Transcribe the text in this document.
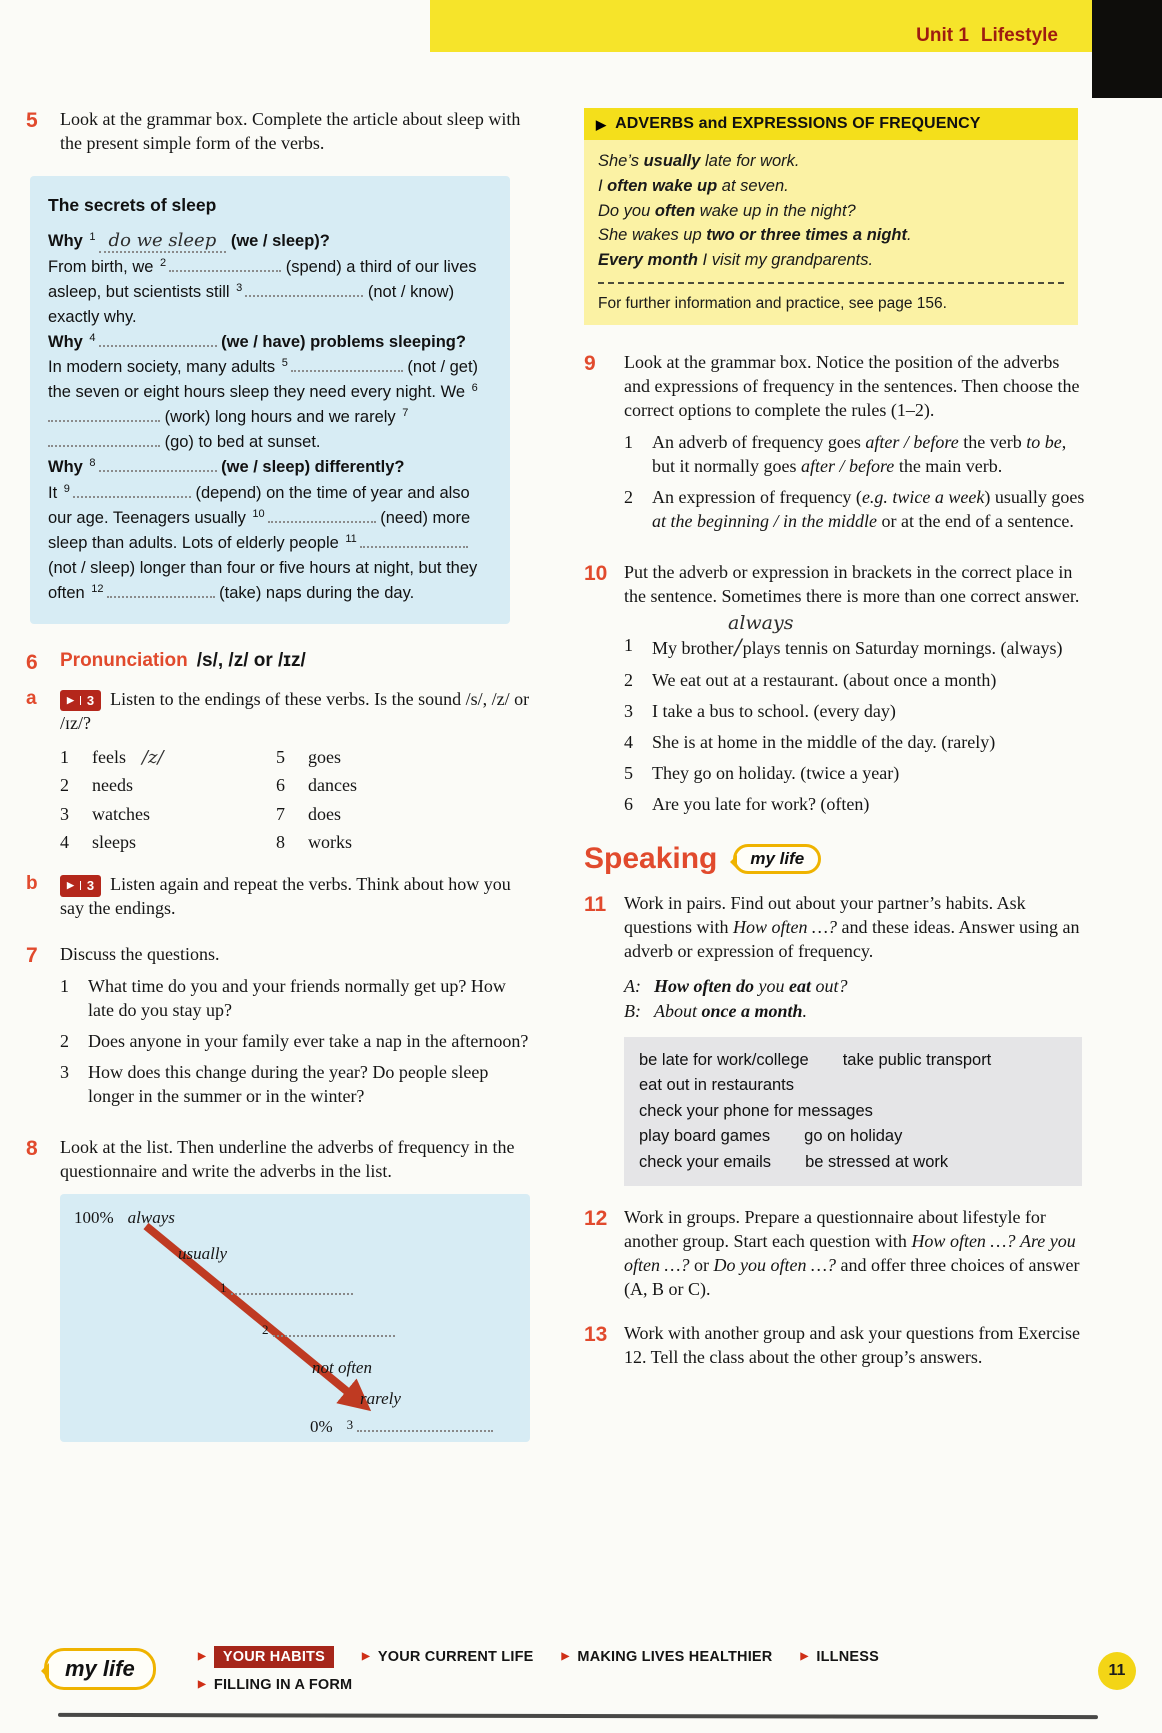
Unit 1 Lifestyle
5	Look at the grammar box. Complete the article about sleep with the present simple form of the verbs.
The secrets of sleep

Why $^1$ do we sleep (we / sleep)?

From birth, we $^2$	(spend) a third of our lives asleep, but scientists still $^3$	(not / know) exactly why.

Why $^4$	(we / have) problems sleeping?

In modern society, many adults $^5$	(not / get) the seven or eight hours sleep they need every night. We $^6$ (work) long hours and we rarely $^7$ (go) to bed at sunset.

Why $^8$	(we / sleep) differently?

It $^9$	(depend) on the time of year and also our age. Teenagers usually $^{10}$	(need) more sleep than adults. Lots of elderly people $^{11}$ (not / sleep) longer than four or five hours at night, but they often $^{12}$	(take) naps during the day.

6	Pronunciation /s/, /z/ or /ɪz/
a	▶	3 Listen to the endings of these verbs. Is the sound /s/, /z/ or /ɪz/?
1	feels /z/
2	needs
3	watches
4	sleeps
5	goes
6	dances
7	does
8	works
b	▶	3 Listen again and repeat the verbs. Think about how you say the endings.
7	Discuss the questions.
1	What time do you and your friends normally get up? How late do you stay up?
2	Does anyone in your family ever take a nap in the afternoon?
3	How does this change during the year? Do people sleep longer in the summer or in the winter?
8	Look at the list. Then underline the adverbs of frequency in the questionnaire and write the adverbs in the list.
100% always
usually
1
2
not often
rarely
0% 3
▶ ADVERBS and EXPRESSIONS OF FREQUENCY

She’s usually late for work.

I often wake up at seven.

Do you often wake up in the night?

She wakes up two or three times a night.

Every month I visit my grandparents.

For further information and practice, see page 156.
9	Look at the grammar box. Notice the position of the adverbs and expressions of frequency in the sentences. Then choose the correct options to complete the rules (1–2).
1	An adverb of frequency goes after / before the verb to be, but it normally goes after / before the main verb.
2	An expression of frequency (e.g. twice a week) usually goes at the beginning / in the middle or at the end of a sentence.
10 Put the adverb or expression in brackets in the correct place in the sentence. Sometimes there is more than one correct answer.
1
always
My brother/plays tennis on Saturday mornings. (always)
2	We eat out at a restaurant. (about once a month)
3	I take a bus to school. (every day)
4	She is at home in the middle of the day. (rarely)
5	They go on holiday. (twice a year)
6	Are you late for work? (often)
Speaking	my life
11 Work in pairs. Find out about your partner’s habits. Ask questions with How often …? and these ideas. Answer using an adverb or expression of frequency.
A: How often do you eat out?
B: About once a month.
be late for work/college take public transport
eat out in restaurants
check your phone for messages
play board games go on holiday
check your emails be stressed at work
12 Work in groups. Prepare a questionnaire about lifestyle for another group. Start each question with How often …? Are you often …? or Do you often …? and offer three choices of answer (A, B or C).
13 Work with another group and ask your questions from Exercise 12. Tell the class about the other group’s answers.
my life	▶	YOUR HABITS	▶ YOUR CURRENT LIFE	▶ MAKING LIVES HEALTHIER	▶ ILLNESS
▶ FILLING IN A FORM
11
